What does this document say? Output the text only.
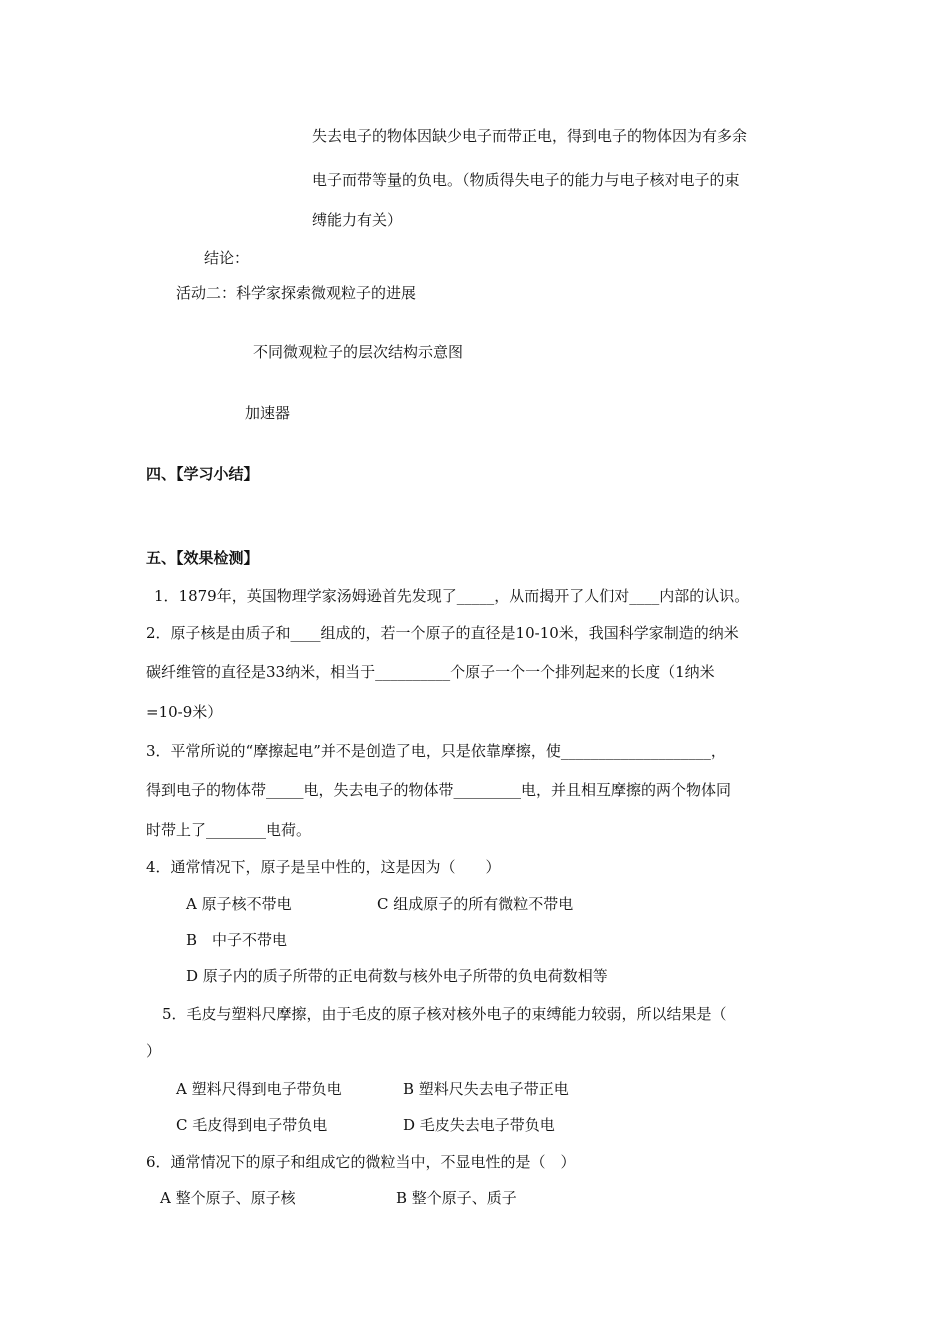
失去电子的物体因缺少电子而带正电，得到电子的物体因为有多余
电子而带等量的负电。（物质得失电子的能力与电子核对电子的束
缚能力有关）
结论：
活动二：科学家探索微观粒子的进展
不同微观粒子的层次结构示意图
加速器
四、【学习小结】
五、【效果检测】
1．1879年，英国物理学家汤姆逊首先发现了_____，从而揭开了人们对____内部的认识。
2．原子核是由质子和____组成的，若一个原子的直径是10-10米，我国科学家制造的纳米
碳纤维管的直径是33纳米，相当于__________个原子一个一个排列起来的长度（1纳米
=10-9米）
3．平常所说的“摩擦起电”并不是创造了电，只是依靠摩擦，使____________________，
得到电子的物体带_____电，失去电子的物体带_________电，并且相互摩擦的两个物体同
时带上了________电荷。
4．通常情况下，原子是呈中性的，这是因为（　　）
A 原子核不带电	C 组成原子的所有微粒不带电
B　中子不带电
D 原子内的质子所带的正电荷数与核外电子所带的负电荷数相等
5．毛皮与塑料尺摩擦，由于毛皮的原子核对核外电子的束缚能力较弱，所以结果是（
）
A 塑料尺得到电子带负电	B 塑料尺失去电子带正电
C 毛皮得到电子带负电	D 毛皮失去电子带负电
6．通常情况下的原子和组成它的微粒当中，不显电性的是（　）
A 整个原子、原子核	B 整个原子、质子
